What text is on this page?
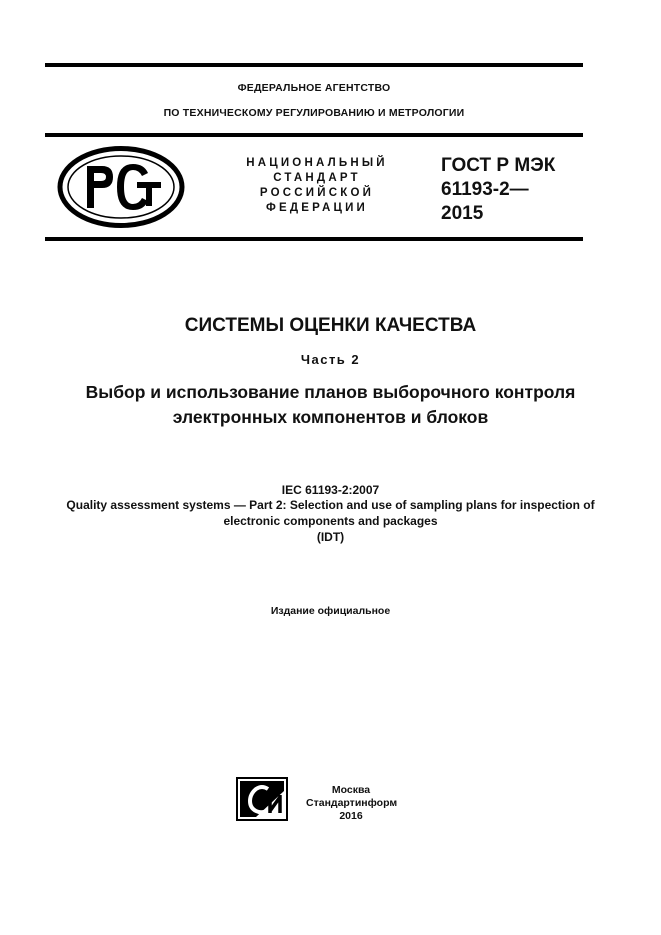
ФЕДЕРАЛЬНОЕ АГЕНТСТВО
ПО ТЕХНИЧЕСКОМУ РЕГУЛИРОВАНИЮ И МЕТРОЛОГИИ
НАЦИОНАЛЬНЫЙ
СТАНДАРТ
РОССИЙСКОЙ
ФЕДЕРАЦИИ
ГОСТ Р МЭК
61193-2—
2015
СИСТЕМЫ ОЦЕНКИ КАЧЕСТВА
Часть 2
Выбор и использование планов выборочного контроля электронных компонентов и блоков
IEC 61193-2:2007
Quality assessment systems — Part 2: Selection and use of sampling plans for inspection of electronic components and packages
(IDT)
Издание официальное
Москва
Стандартинформ
2016
